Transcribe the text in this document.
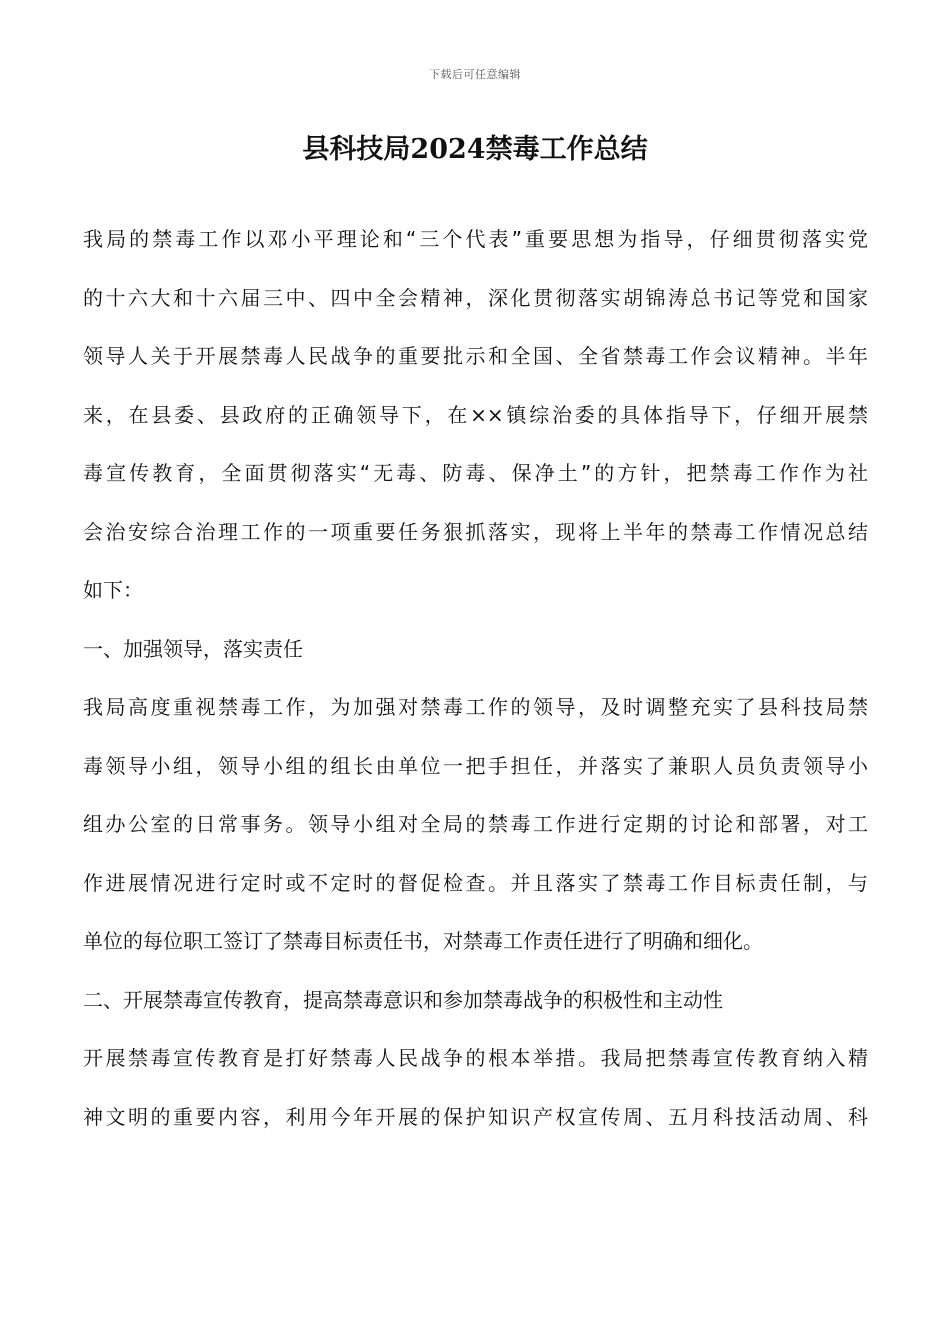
下载后可任意编辑
县科技局2024禁毒工作总结
我局的禁毒工作以邓小平理论和“三个代表”重要思想为指导，仔细贯彻落实党
的十六大和十六届三中、四中全会精神，深化贯彻落实胡锦涛总书记等党和国家
领导人关于开展禁毒人民战争的重要批示和全国、全省禁毒工作会议精神。半年
来，在县委、县政府的正确领导下，在××镇综治委的具体指导下，仔细开展禁
毒宣传教育，全面贯彻落实“无毒、防毒、保净土”的方针，把禁毒工作作为社
会治安综合治理工作的一项重要任务狠抓落实，现将上半年的禁毒工作情况总结
如下：
一、加强领导，落实责任
我局高度重视禁毒工作，为加强对禁毒工作的领导，及时调整充实了县科技局禁
毒领导小组，领导小组的组长由单位一把手担任，并落实了兼职人员负责领导小
组办公室的日常事务。领导小组对全局的禁毒工作进行定期的讨论和部署，对工
作进展情况进行定时或不定时的督促检查。并且落实了禁毒工作目标责任制，与
单位的每位职工签订了禁毒目标责任书，对禁毒工作责任进行了明确和细化。
二、开展禁毒宣传教育，提高禁毒意识和参加禁毒战争的积极性和主动性
开展禁毒宣传教育是打好禁毒人民战争的根本举措。我局把禁毒宣传教育纳入精
神文明的重要内容，利用今年开展的保护知识产权宣传周、五月科技活动周、科
